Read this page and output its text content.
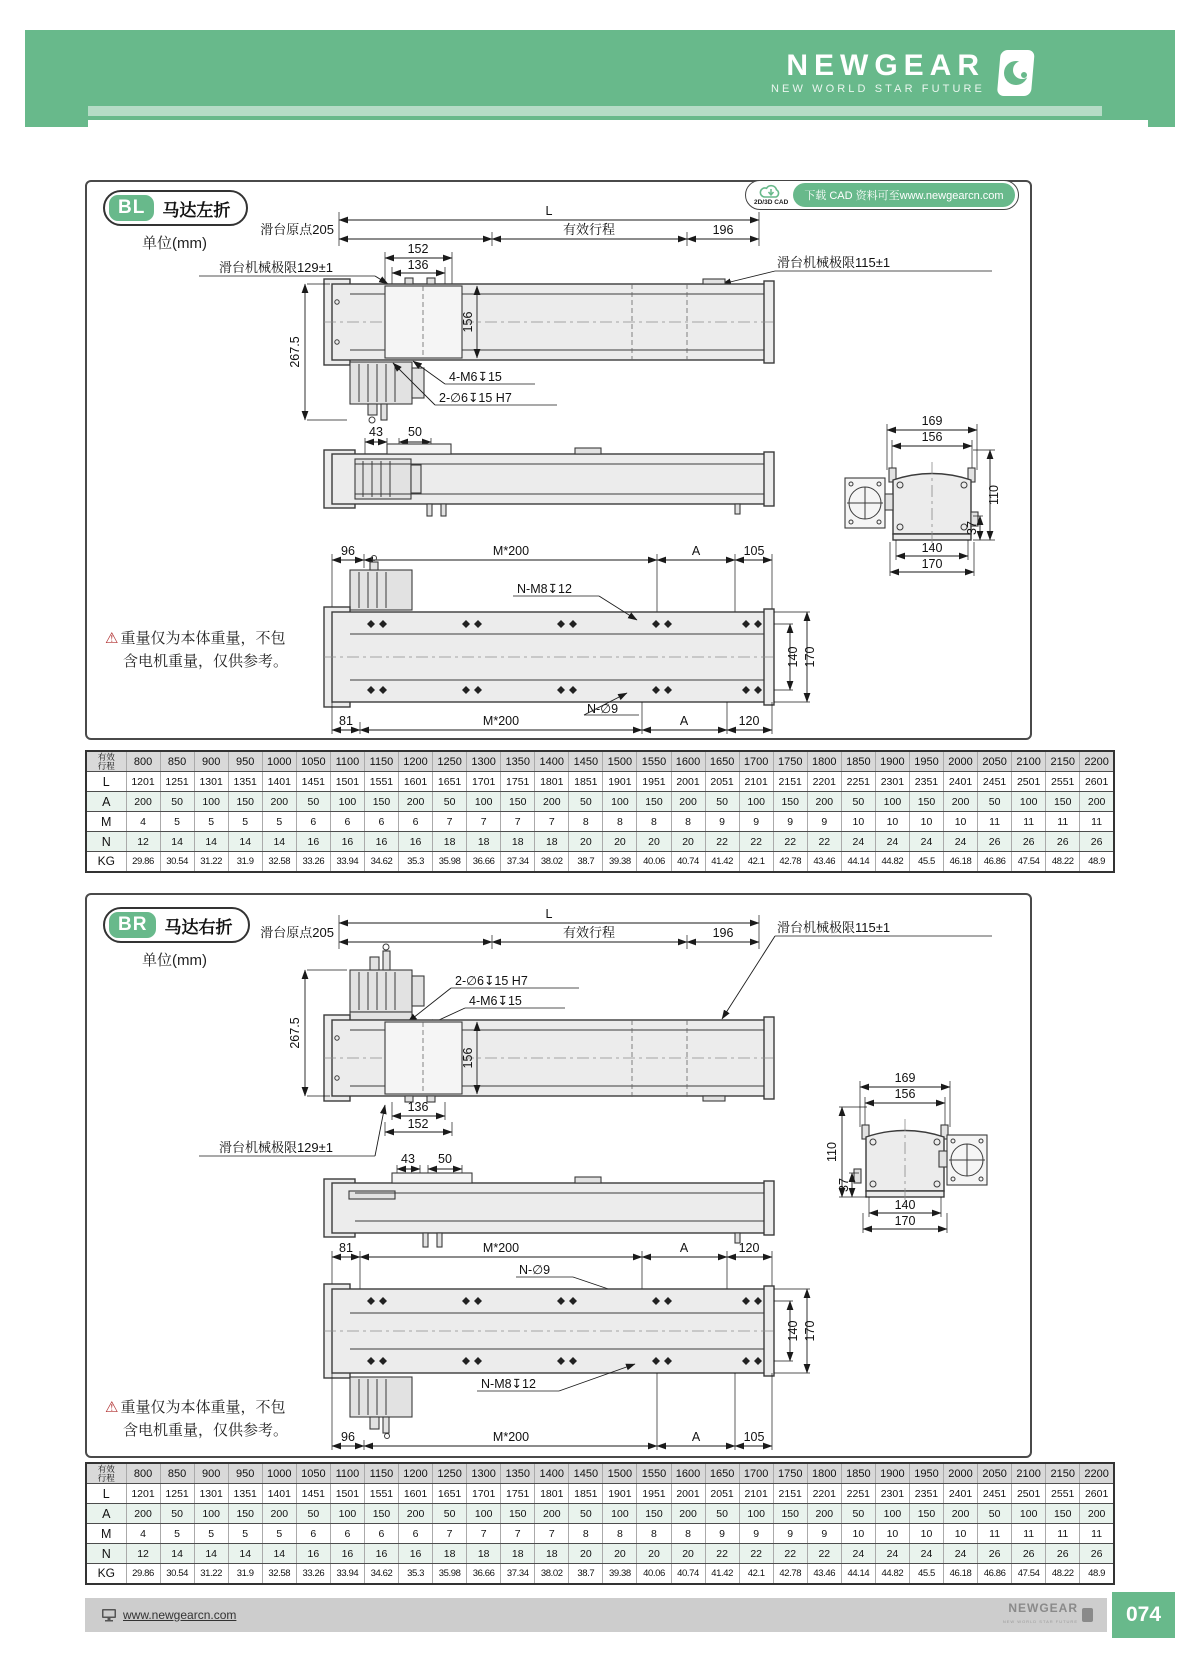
NEWGEAR
NEW WORLD STAR FUTURE
BL	马达左折
单位(mm)
2D/3D CAD
下载 CAD 资料可至www.newgearcn.com
⚠ 重量仅为本体重量，不包
含电机重量，仅供参考。
L
滑台原点205	有效行程	196
152
136
滑台机械极限129±1	滑台机械极限115±1
156
267.5
4-M6↧15
2-∅6↧15 H7
43 50
169
156
110
37
140
170
96	M*200	A	105
N-M8↧12
N-∅9
81	M*200	A	120
140 170
有效
行程	800	850	900	950	1000	1050	1100	1150	1200	1250	1300	1350	1400	1450	1500	1550	1600	1650	1700	1750	1800	1850	1900	1950	2000	2050	2100	2150	2200
L	1201	1251	1301	1351	1401	1451	1501	1551	1601	1651	1701	1751	1801	1851	1901	1951	2001	2051	2101	2151	2201	2251	2301	2351	2401	2451	2501	2551	2601
A	200	50	100	150	200	50	100	150	200	50	100	150	200	50	100	150	200	50	100	150	200	50	100	150	200	50	100	150	200
M	4	5	5	5	5	6	6	6	6	7	7	7	7	8	8	8	8	9	9	9	9	10	10	10	10	11	11	11	11
N	12	14	14	14	14	16	16	16	16	18	18	18	18	20	20	20	20	22	22	22	22	24	24	24	24	26	26	26	26
KG	29.86	30.54	31.22	31.9	32.58	33.26	33.94	34.62	35.3	35.98	36.66	37.34	38.02	38.7	39.38	40.06	40.74	41.42	42.1	42.78	43.46	44.14	44.82	45.5	46.18	46.86	47.54	48.22	48.9
BR	马达右折
单位(mm)
⚠ 重量仅为本体重量，不包
含电机重量，仅供参考。
L
滑台原点205	有效行程	196	滑台机械极限115±1
2-∅6↧15 H7
4-M6↧15
156
267.5
136
152
滑台机械极限129±1
43 50
169
156
110
37
140
170
81	M*200	A	120
N-∅9
N-M8↧12
96	M*200	A	105
140 170
有效
行程	800	850	900	950	1000	1050	1100	1150	1200	1250	1300	1350	1400	1450	1500	1550	1600	1650	1700	1750	1800	1850	1900	1950	2000	2050	2100	2150	2200
L	1201	1251	1301	1351	1401	1451	1501	1551	1601	1651	1701	1751	1801	1851	1901	1951	2001	2051	2101	2151	2201	2251	2301	2351	2401	2451	2501	2551	2601
A	200	50	100	150	200	50	100	150	200	50	100	150	200	50	100	150	200	50	100	150	200	50	100	150	200	50	100	150	200
M	4	5	5	5	5	6	6	6	6	7	7	7	7	8	8	8	8	9	9	9	9	10	10	10	10	11	11	11	11
N	12	14	14	14	14	16	16	16	16	18	18	18	18	20	20	20	20	22	22	22	22	24	24	24	24	26	26	26	26
KG	29.86	30.54	31.22	31.9	32.58	33.26	33.94	34.62	35.3	35.98	36.66	37.34	38.02	38.7	39.38	40.06	40.74	41.42	42.1	42.78	43.46	44.14	44.82	45.5	46.18	46.86	47.54	48.22	48.9
www.newgearcn.com	NEWGEAR
NEW WORLD STAR FUTURE	074
